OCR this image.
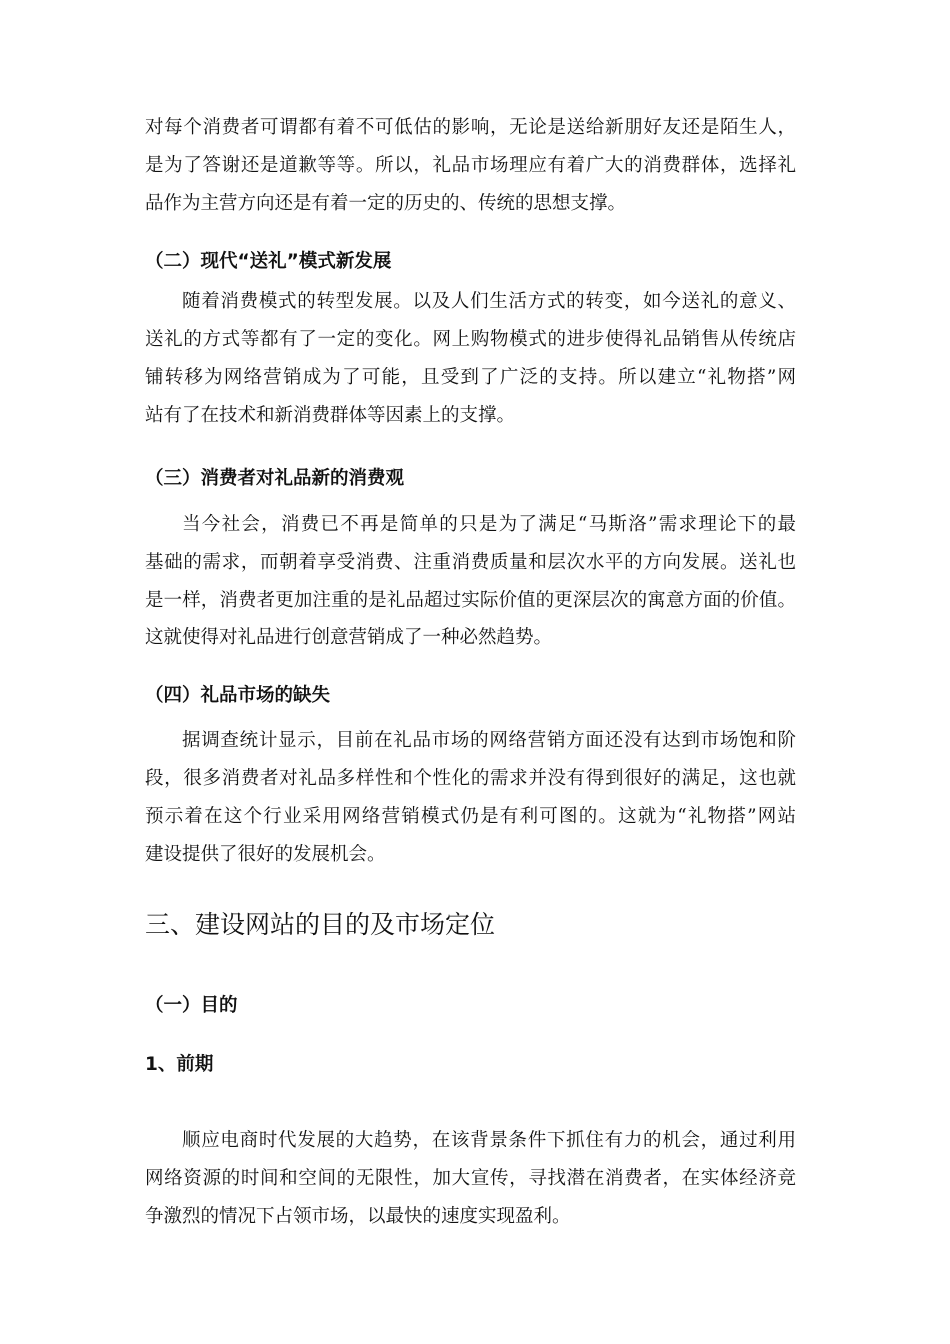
对每个消费者可谓都有着不可低估的影响，无论是送给新朋好友还是陌生人，
是为了答谢还是道歉等等。所以，礼品市场理应有着广大的消费群体，选择礼
品作为主营方向还是有着一定的历史的、传统的思想支撑。
（二）现代“送礼”模式新发展
随着消费模式的转型发展。以及人们生活方式的转变，如今送礼的意义、
送礼的方式等都有了一定的变化。网上购物模式的进步使得礼品销售从传统店
铺转移为网络营销成为了可能，且受到了广泛的支持。所以建立“礼物搭”网
站有了在技术和新消费群体等因素上的支撑。
（三）消费者对礼品新的消费观
当今社会，消费已不再是简单的只是为了满足“马斯洛”需求理论下的最
基础的需求，而朝着享受消费、注重消费质量和层次水平的方向发展。送礼也
是一样，消费者更加注重的是礼品超过实际价值的更深层次的寓意方面的价值。
这就使得对礼品进行创意营销成了一种必然趋势。
（四）礼品市场的缺失
据调查统计显示，目前在礼品市场的网络营销方面还没有达到市场饱和阶
段，很多消费者对礼品多样性和个性化的需求并没有得到很好的满足，这也就
预示着在这个行业采用网络营销模式仍是有利可图的。这就为“礼物搭”网站
建设提供了很好的发展机会。
三、建设网站的目的及市场定位
（一）目的
1、前期
顺应电商时代发展的大趋势，在该背景条件下抓住有力的机会，通过利用
网络资源的时间和空间的无限性，加大宣传，寻找潜在消费者，在实体经济竞
争激烈的情况下占领市场，以最快的速度实现盈利。
